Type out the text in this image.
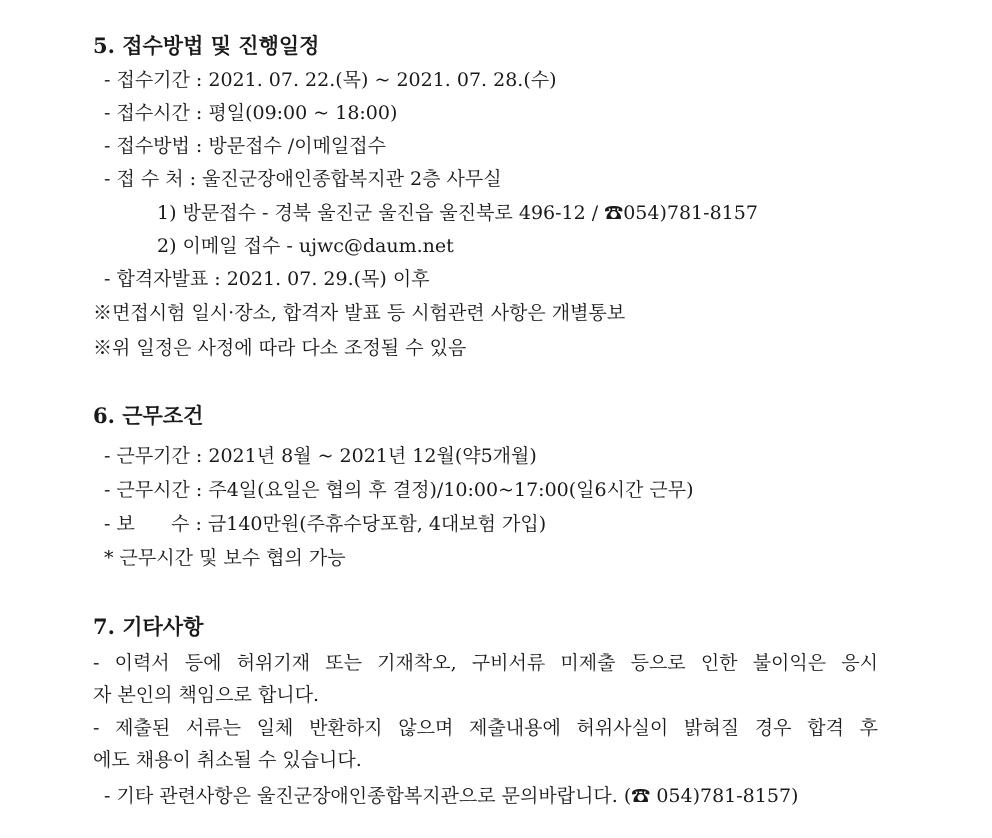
5. 접수방법 및 진행일정
- 접수기간 : 2021. 07. 22.(목) ~ 2021. 07. 28.(수)
- 접수시간 : 평일(09:00 ~ 18:00)
- 접수방법 : 방문접수 /이메일접수
- 접 수 처 : 울진군장애인종합복지관 2층 사무실
1) 방문접수 - 경북 울진군 울진읍 울진북로 496-12 / ☎054)781-8157
2) 이메일 접수 - ujwc@daum.net
- 합격자발표 : 2021. 07. 29.(목) 이후
※면접시험 일시·장소, 합격자 발표 등 시험관련 사항은 개별통보
※위 일정은 사정에 따라 다소 조정될 수 있음
6. 근무조건
- 근무기간 : 2021년 8월 ~ 2021년 12월(약5개월)
- 근무시간 : 주4일(요일은 협의 후 결정)/10:00~17:00(일6시간 근무)
- 보      수 : 금140만원(주휴수당포함, 4대보험 가입)
* 근무시간 및 보수 협의 가능
7. 기타사항
- 이력서 등에 허위기재 또는 기재착오, 구비서류 미제출 등으로 인한 불이익은 응시
자 본인의 책임으로 합니다.
- 제출된 서류는 일체 반환하지 않으며 제출내용에 허위사실이 밝혀질 경우 합격 후
에도 채용이 취소될 수 있습니다.
- 기타 관련사항은 울진군장애인종합복지관으로 문의바랍니다. (☎ 054)781-8157)
